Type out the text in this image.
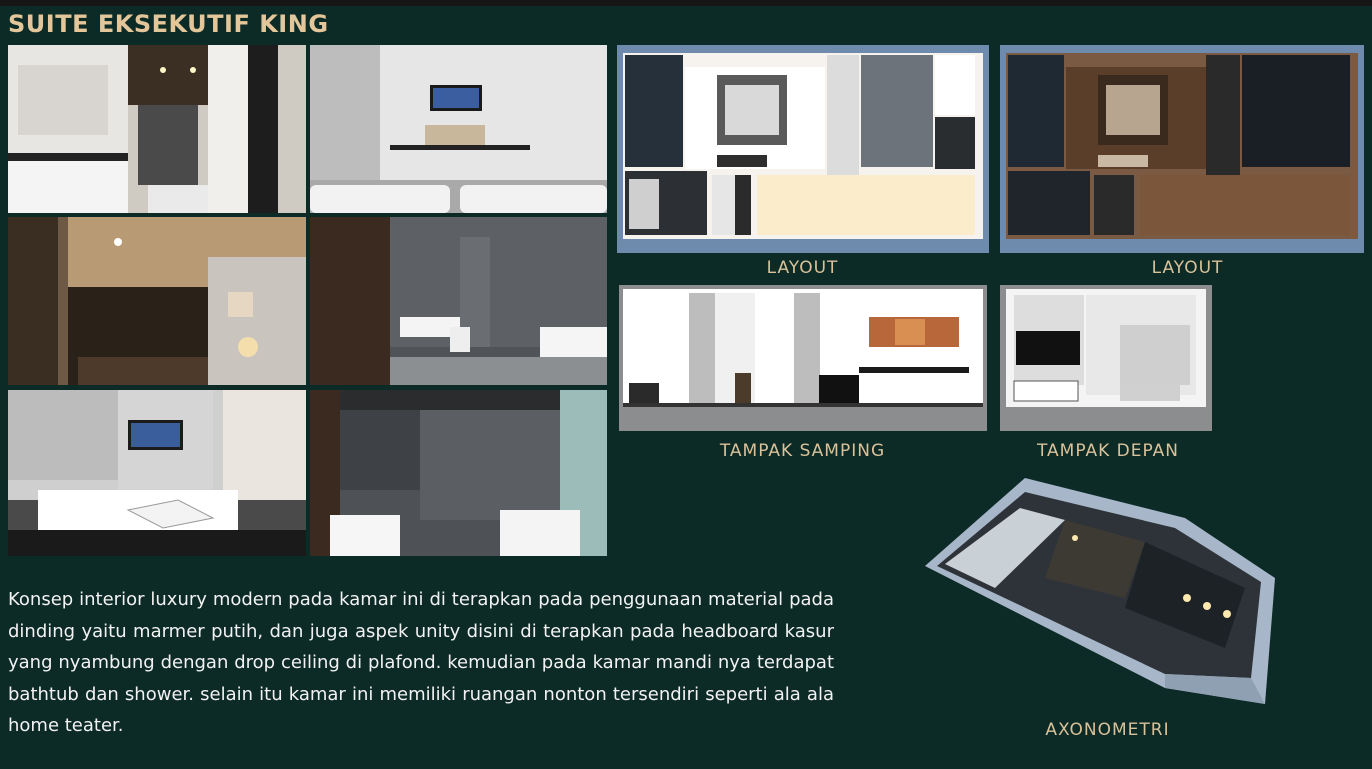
SUITE EKSEKUTIF KING
LAYOUT	LAYOUT
TAMPAK SAMPING	TAMPAK DEPAN
AXONOMETRI
Konsep interior luxury modern pada kamar ini di terapkan pada penggunaan material pada dinding yaitu marmer putih, dan juga aspek unity disini di terapkan pada headboard kasur yang nyambung dengan drop ceiling di plafond. kemudian pada kamar mandi nya terdapat bathtub dan shower. selain itu kamar ini memiliki ruangan nonton tersendiri seperti ala ala home teater.
